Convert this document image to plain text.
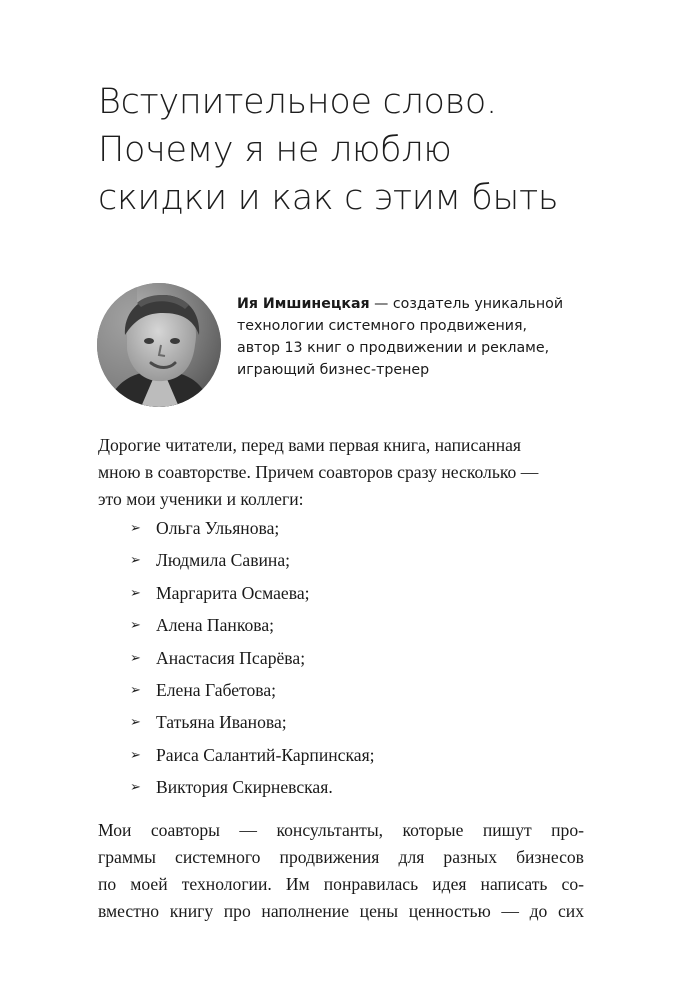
Вступительное слово.
Почему я не люблю
скидки и как с этим быть
Ия Имшинецкая — создатель уникальной
технологии системного продвижения,
автор 13 книг о продвижении и рекламе,
играющий бизнес-тренер
Дорогие читатели, перед вами первая книга, написанная
мною в соавторстве. Причем соавторов сразу несколько —
это мои ученики и коллеги:
➢ Ольга Ульянова;
➢ Людмила Савина;
➢ Маргарита Осмаева;
➢ Алена Панкова;
➢ Анастасия Псарёва;
➢ Елена Габетова;
➢ Татьяна Иванова;
➢ Раиса Салантий-Карпинская;
➢ Виктория Скирневская.
Мои соавторы — консультанты, которые пишут про-
граммы системного продвижения для разных бизнесов
по моей технологии. Им понравилась идея написать со-
вместно книгу про наполнение цены ценностью — до сих
